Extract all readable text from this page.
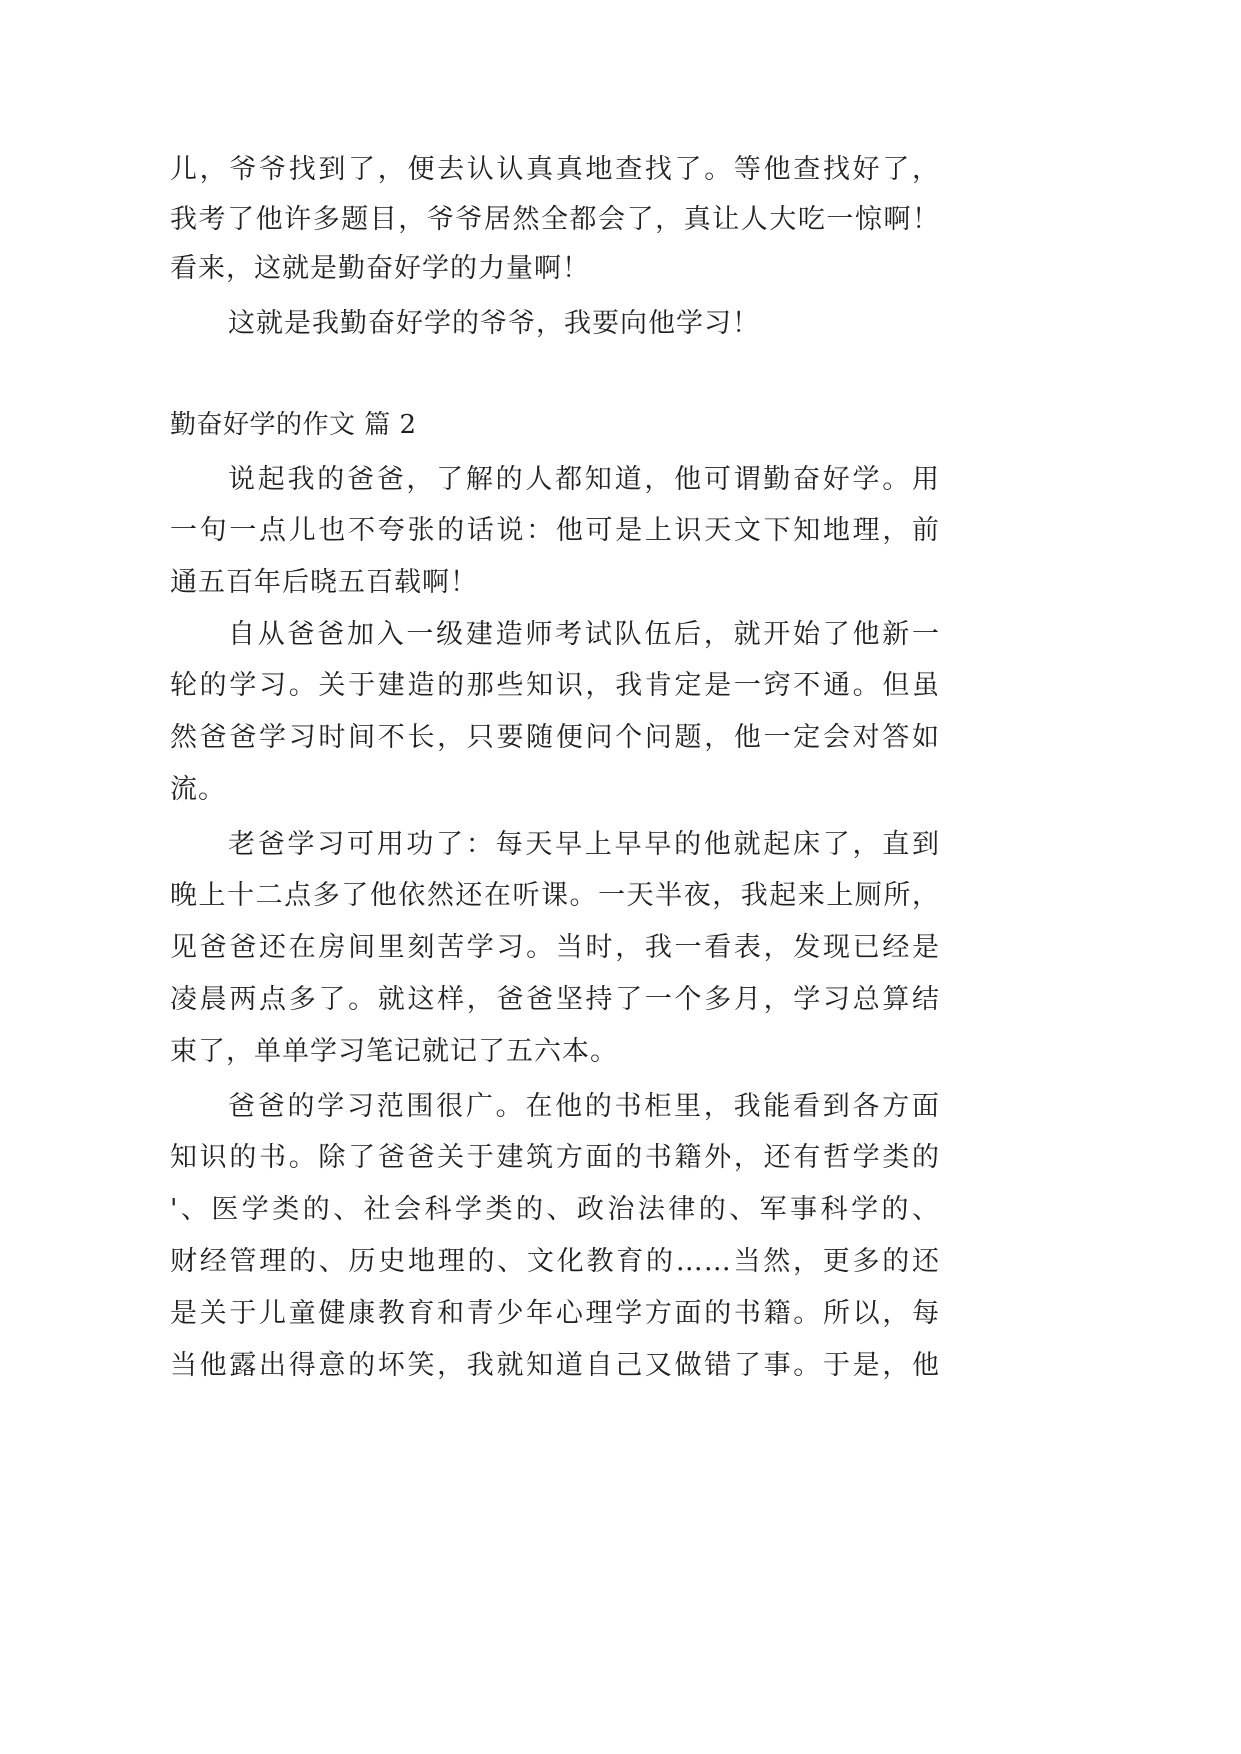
儿，爷爷找到了，便去认认真真地查找了。等他查找好了，
我考了他许多题目，爷爷居然全都会了，真让人大吃一惊啊！
看来，这就是勤奋好学的力量啊！
这就是我勤奋好学的爷爷，我要向他学习！
勤奋好学的作文 篇 2
说起我的爸爸，了解的人都知道，他可谓勤奋好学。用
一句一点儿也不夸张的话说：他可是上识天文下知地理，前
通五百年后晓五百载啊！
自从爸爸加入一级建造师考试队伍后，就开始了他新一
轮的学习。关于建造的那些知识，我肯定是一窍不通。但虽
然爸爸学习时间不长，只要随便问个问题，他一定会对答如
流。
老爸学习可用功了：每天早上早早的他就起床了，直到
晚上十二点多了他依然还在听课。一天半夜，我起来上厕所，
见爸爸还在房间里刻苦学习。当时，我一看表，发现已经是
凌晨两点多了。就这样，爸爸坚持了一个多月，学习总算结
束了，单单学习笔记就记了五六本。
爸爸的学习范围很广。在他的书柜里，我能看到各方面
知识的书。除了爸爸关于建筑方面的书籍外，还有哲学类的
'、医学类的、社会科学类的、政治法律的、军事科学的、
财经管理的、历史地理的、文化教育的……当然，更多的还
是关于儿童健康教育和青少年心理学方面的书籍。所以，每
当他露出得意的坏笑，我就知道自己又做错了事。于是，他
